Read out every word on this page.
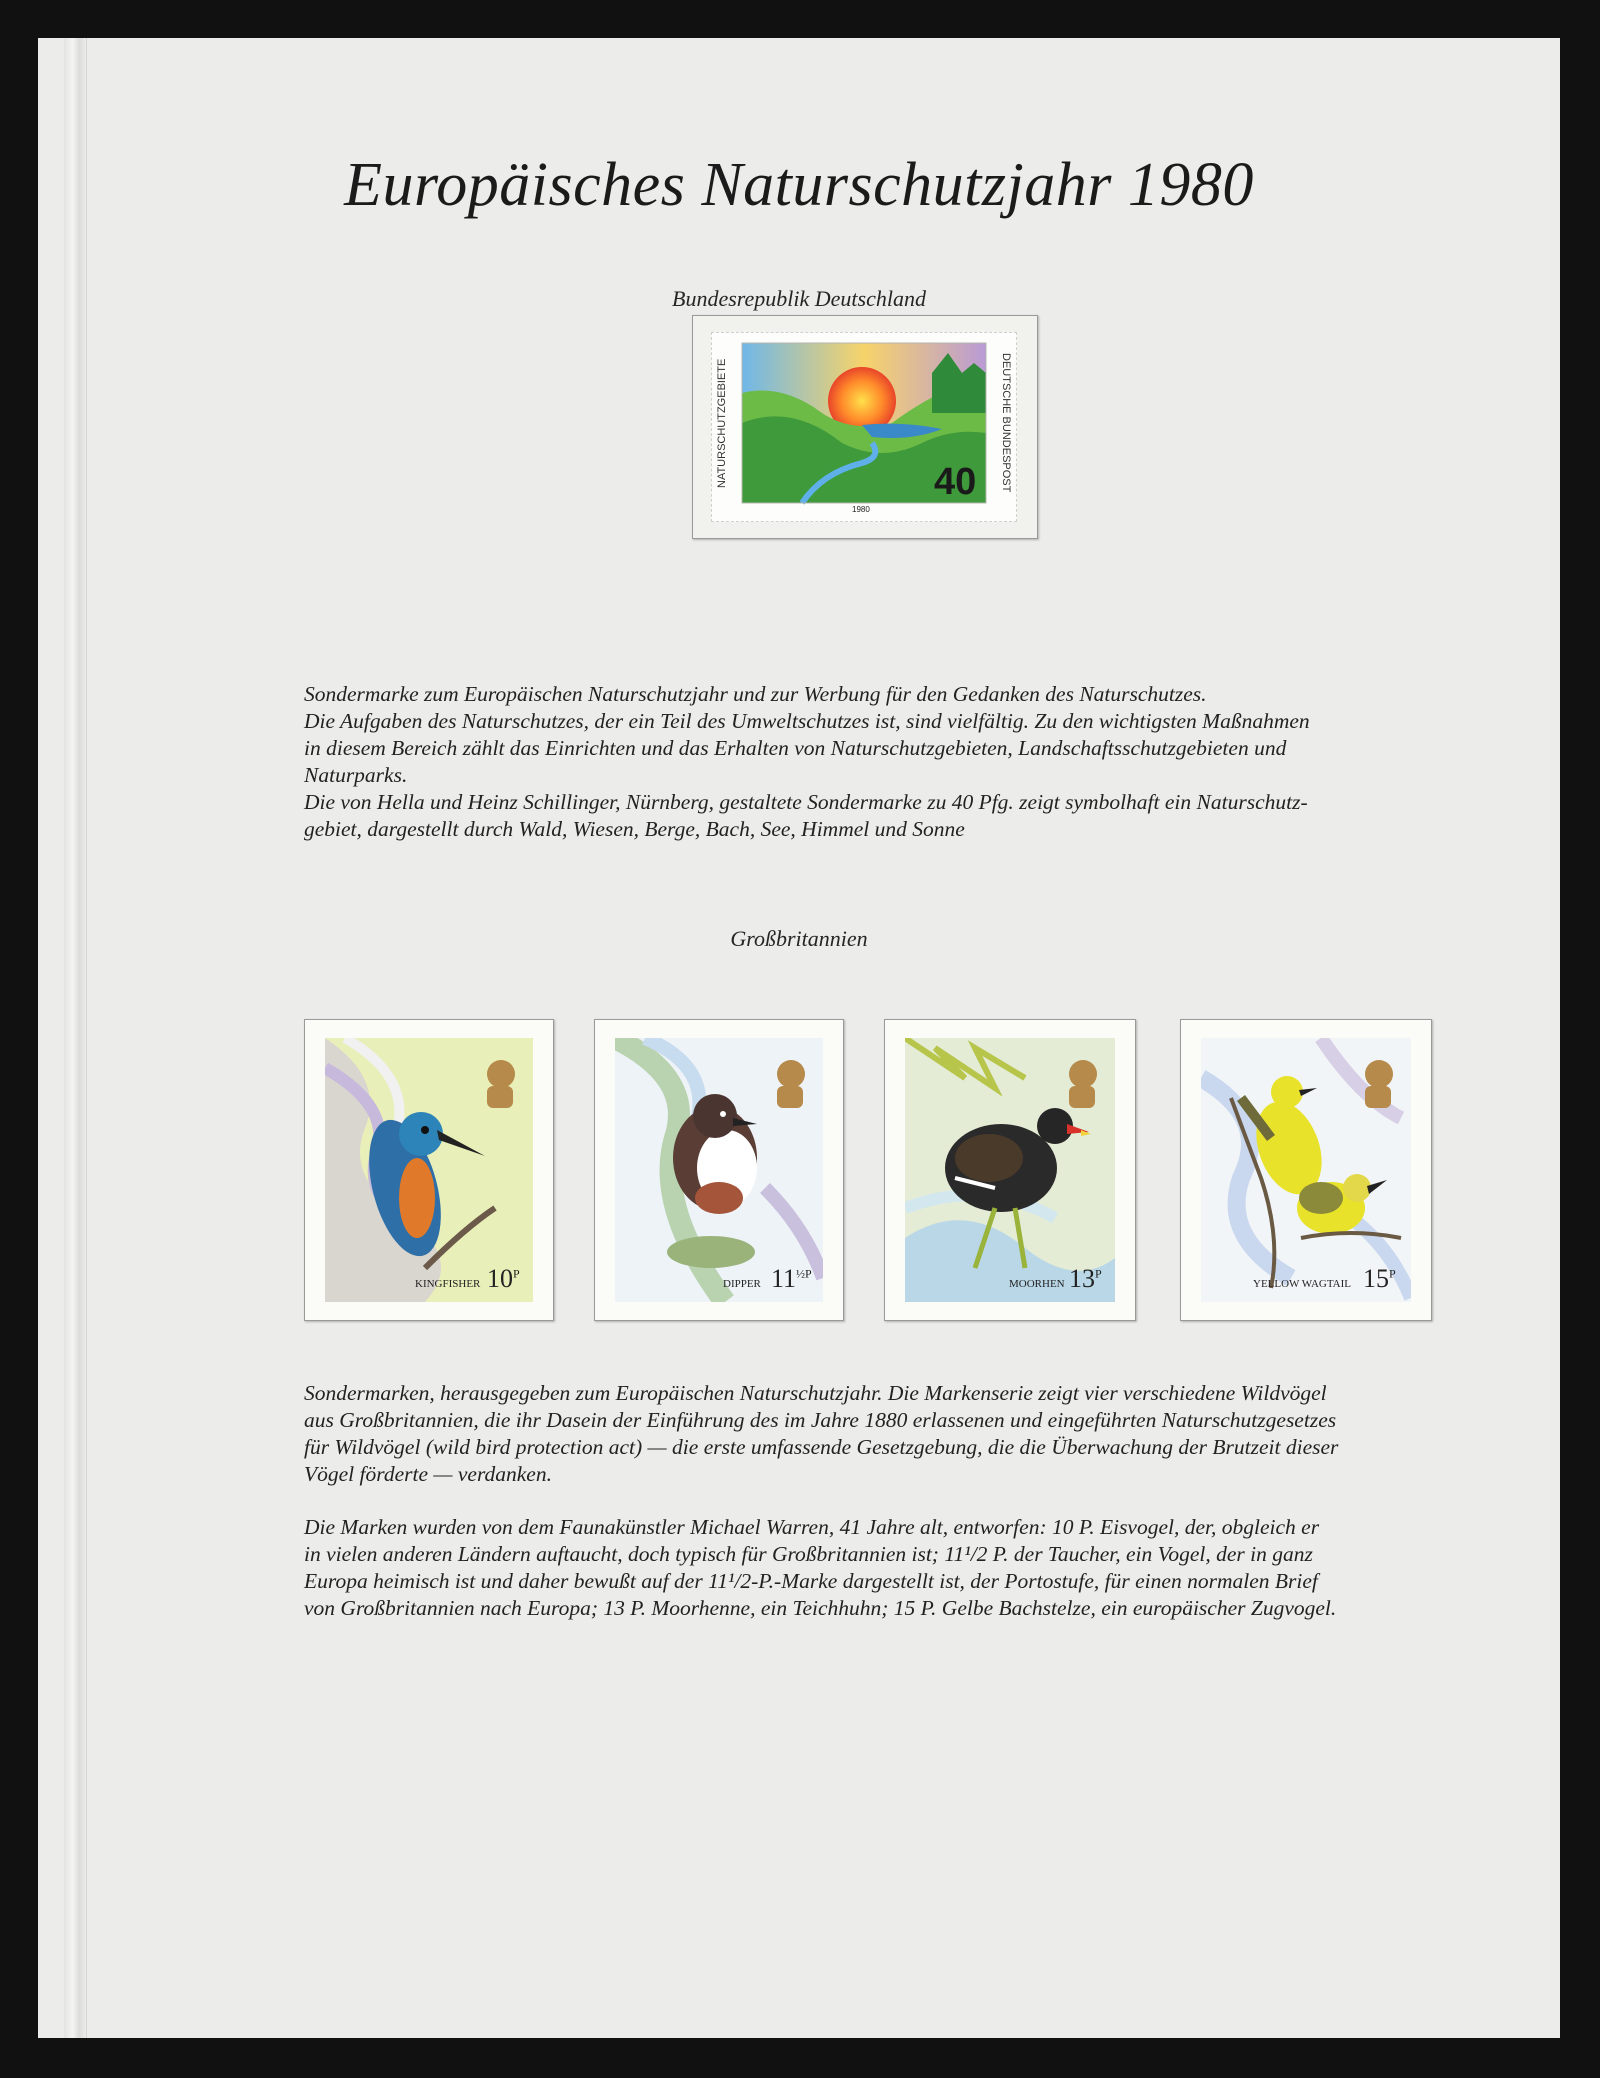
Europäisches Naturschutzjahr 1980
Bundesrepublik Deutschland
NATURSCHUTZGEBIETE	DEUTSCHE BUNDESPOST
40
1980
Sondermarke zum Europäischen Naturschutzjahr und zur Werbung für den Gedanken des Naturschutzes.
Die Aufgaben des Naturschutzes, der ein Teil des Umweltschutzes ist, sind vielfältig. Zu den wichtigsten Maßnahmen
in diesem Bereich zählt das Einrichten und das Erhalten von Naturschutzgebieten, Landschaftsschutzgebieten und
Naturparks.
Die von Hella und Heinz Schillinger, Nürnberg, gestaltete Sondermarke zu 40 Pfg. zeigt symbolhaft ein Naturschutz-
gebiet, dargestellt durch Wald, Wiesen, Berge, Bach, See, Himmel und Sonne
Großbritannien
KINGFISHER $10^P$
DIPPER $11^{\frac{1}{2}P}$
MOORHEN $13^P$
YELLOW WAGTAIL $15^P$
Sondermarken, herausgegeben zum Europäischen Naturschutzjahr. Die Markenserie zeigt vier verschiedene Wildvögel
aus Großbritannien, die ihr Dasein der Einführung des im Jahre 1880 erlassenen und eingeführten Naturschutzgesetzes
für Wildvögel (wild bird protection act) — die erste umfassende Gesetzgebung, die die Überwachung der Brutzeit dieser
Vögel förderte — verdanken.
Die Marken wurden von dem Faunakünstler Michael Warren, 41 Jahre alt, entworfen: 10 P. Eisvogel, der, obgleich er
in vielen anderen Ländern auftaucht, doch typisch für Großbritannien ist; 11¹/2 P. der Taucher, ein Vogel, der in ganz
Europa heimisch ist und daher bewußt auf der 11¹/2-P.-Marke dargestellt ist, der Portostufe, für einen normalen Brief
von Großbritannien nach Europa; 13 P. Moorhenne, ein Teichhuhn; 15 P. Gelbe Bachstelze, ein europäischer Zugvogel.
